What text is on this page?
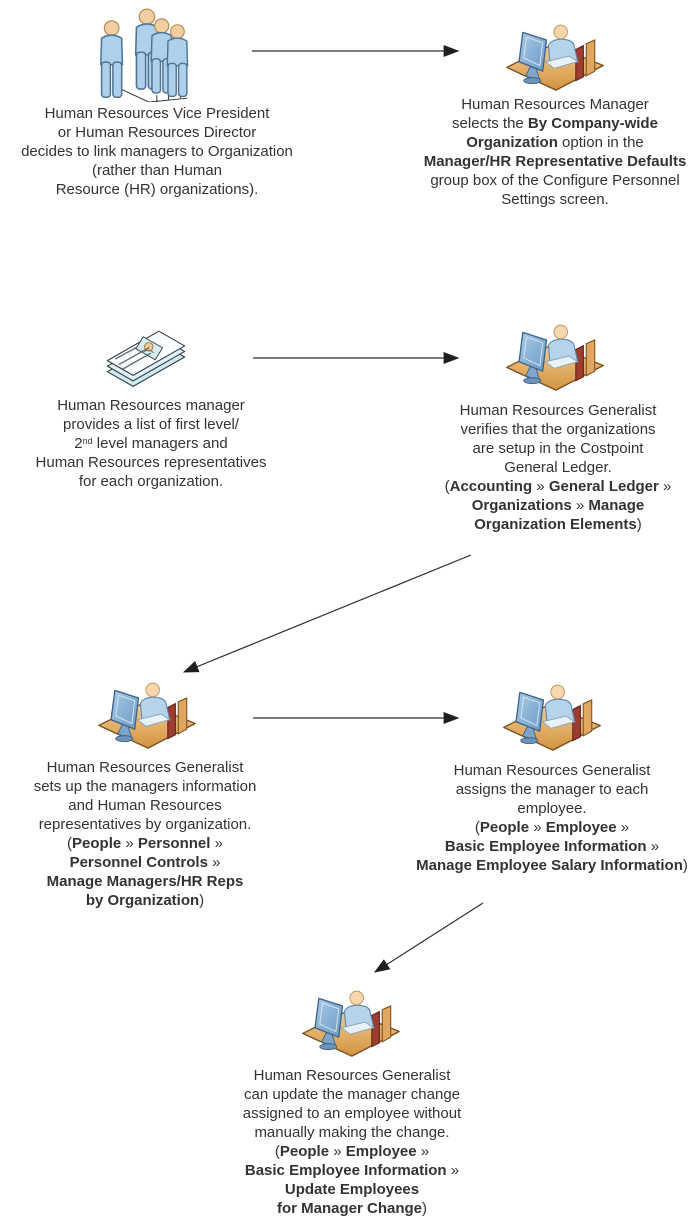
Human Resources Vice President
or Human Resources Director
decides to link managers to Organization
(rather than Human
Resource (HR) organizations).
Human Resources Manager
selects the By Company-wide
Organization option in the
Manager/HR Representative Defaults
group box of the Configure Personnel
Settings screen.
Human Resources manager
provides a list of first level/
2nd level managers and
Human Resources representatives
for each organization.
Human Resources Generalist
verifies that the organizations
are setup in the Costpoint
General Ledger.
(Accounting » General Ledger »
Organizations » Manage
Organization Elements)
Human Resources Generalist
sets up the managers information
and Human Resources
representatives by organization.
(People » Personnel »
Personnel Controls »
Manage Managers/HR Reps
by Organization)
Human Resources Generalist
assigns the manager to each
employee.
(People » Employee »
Basic Employee Information »
Manage Employee Salary Information)
Human Resources Generalist
can update the manager change
assigned to an employee without
manually making the change.
(People » Employee »
Basic Employee Information »
Update Employees
for Manager Change)
